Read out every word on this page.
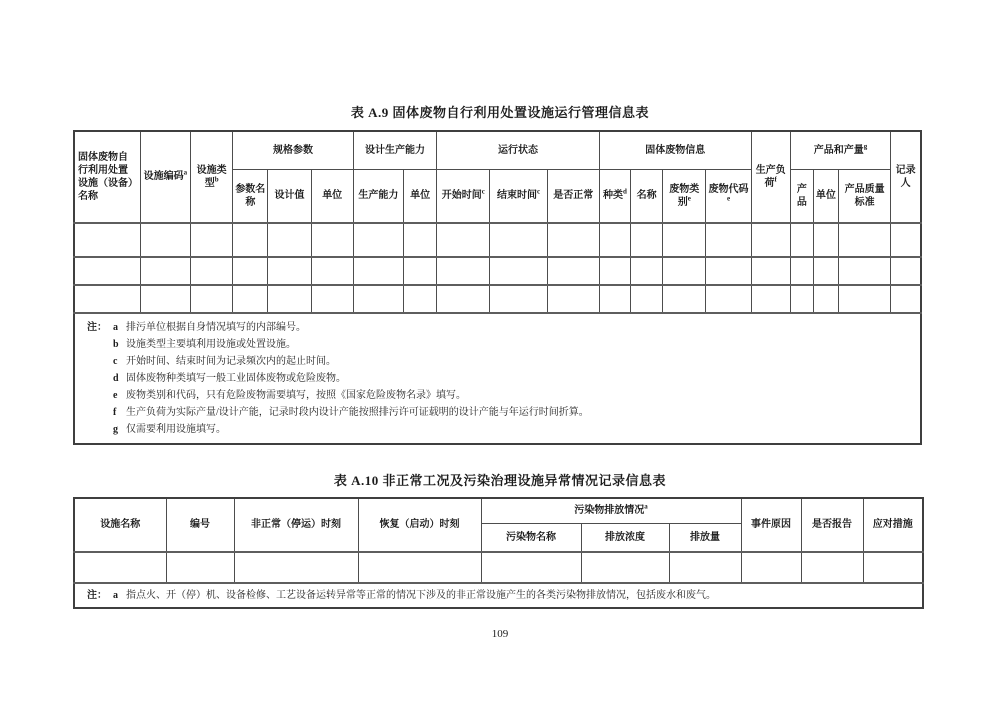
表 A.9 固体废物自行利用处置设施运行管理信息表
固体废物自行利用处置设施（设备）名称	设施编码$^a$	设施类型$^b$	规格参数			设计生产能力		运行状态			固体废物信息				生产负荷$^f$	产品和产量$^g$			记录人
			参数名称	设计值	单位	生产能力	单位	开始时间$^c$	结束时间$^c$	是否正常	种类$^d$	名称	废物类别$^e$	废物代码$^e$		产品	单位	产品质量标准	

注： a 排污单位根据自身情况填写的内部编号。
b 设施类型主要填利用设施或处置设施。
c 开始时间、结束时间为记录频次内的起止时间。
d 固体废物种类填写一般工业固体废物或危险废物。
e 废物类别和代码，只有危险废物需要填写，按照《国家危险废物名录》填写。
f 生产负荷为实际产量/设计产能，记录时段内设计产能按照排污许可证载明的设计产能与年运行时间折算。
g 仅需要利用设施填写。
表 A.10 非正常工况及污染治理设施异常情况记录信息表
设施名称	编号	非正常（停运）时刻	恢复（启动）时刻	污染物排放情况$^a$			事件原因	是否报告	应对措施
				污染物名称	排放浓度	排放量			

注： a 指点火、开（停）机、设备检修、工艺设备运转异常等正常的情况下涉及的非正常设施产生的各类污染物排放情况，包括废水和废气。									
109
